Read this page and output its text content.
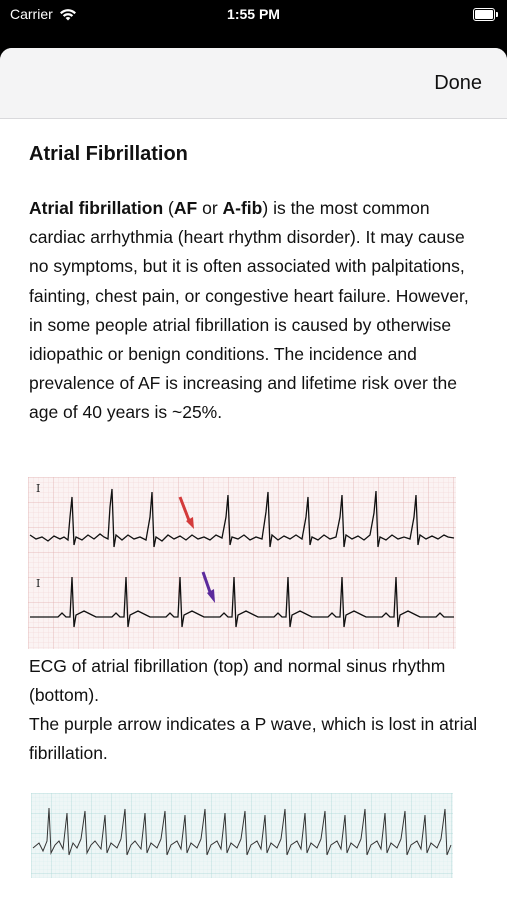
Carrier	1:55 PM
Done
Atrial Fibrillation
Atrial fibrillation (AF or A-fib) is the most common cardiac arrhythmia (heart rhythm disorder). It may cause no symptoms, but it is often associated with palpitations, fainting, chest pain, or congestive heart failure. However, in some people atrial fibrillation is caused by otherwise idiopathic or benign conditions. The incidence and prevalence of AF is increasing and lifetime risk over the age of 40 years is ~25%.
I
I
ECG of atrial fibrillation (top) and normal sinus rhythm (bottom).
The purple arrow indicates a P wave, which is lost in atrial fibrillation.
